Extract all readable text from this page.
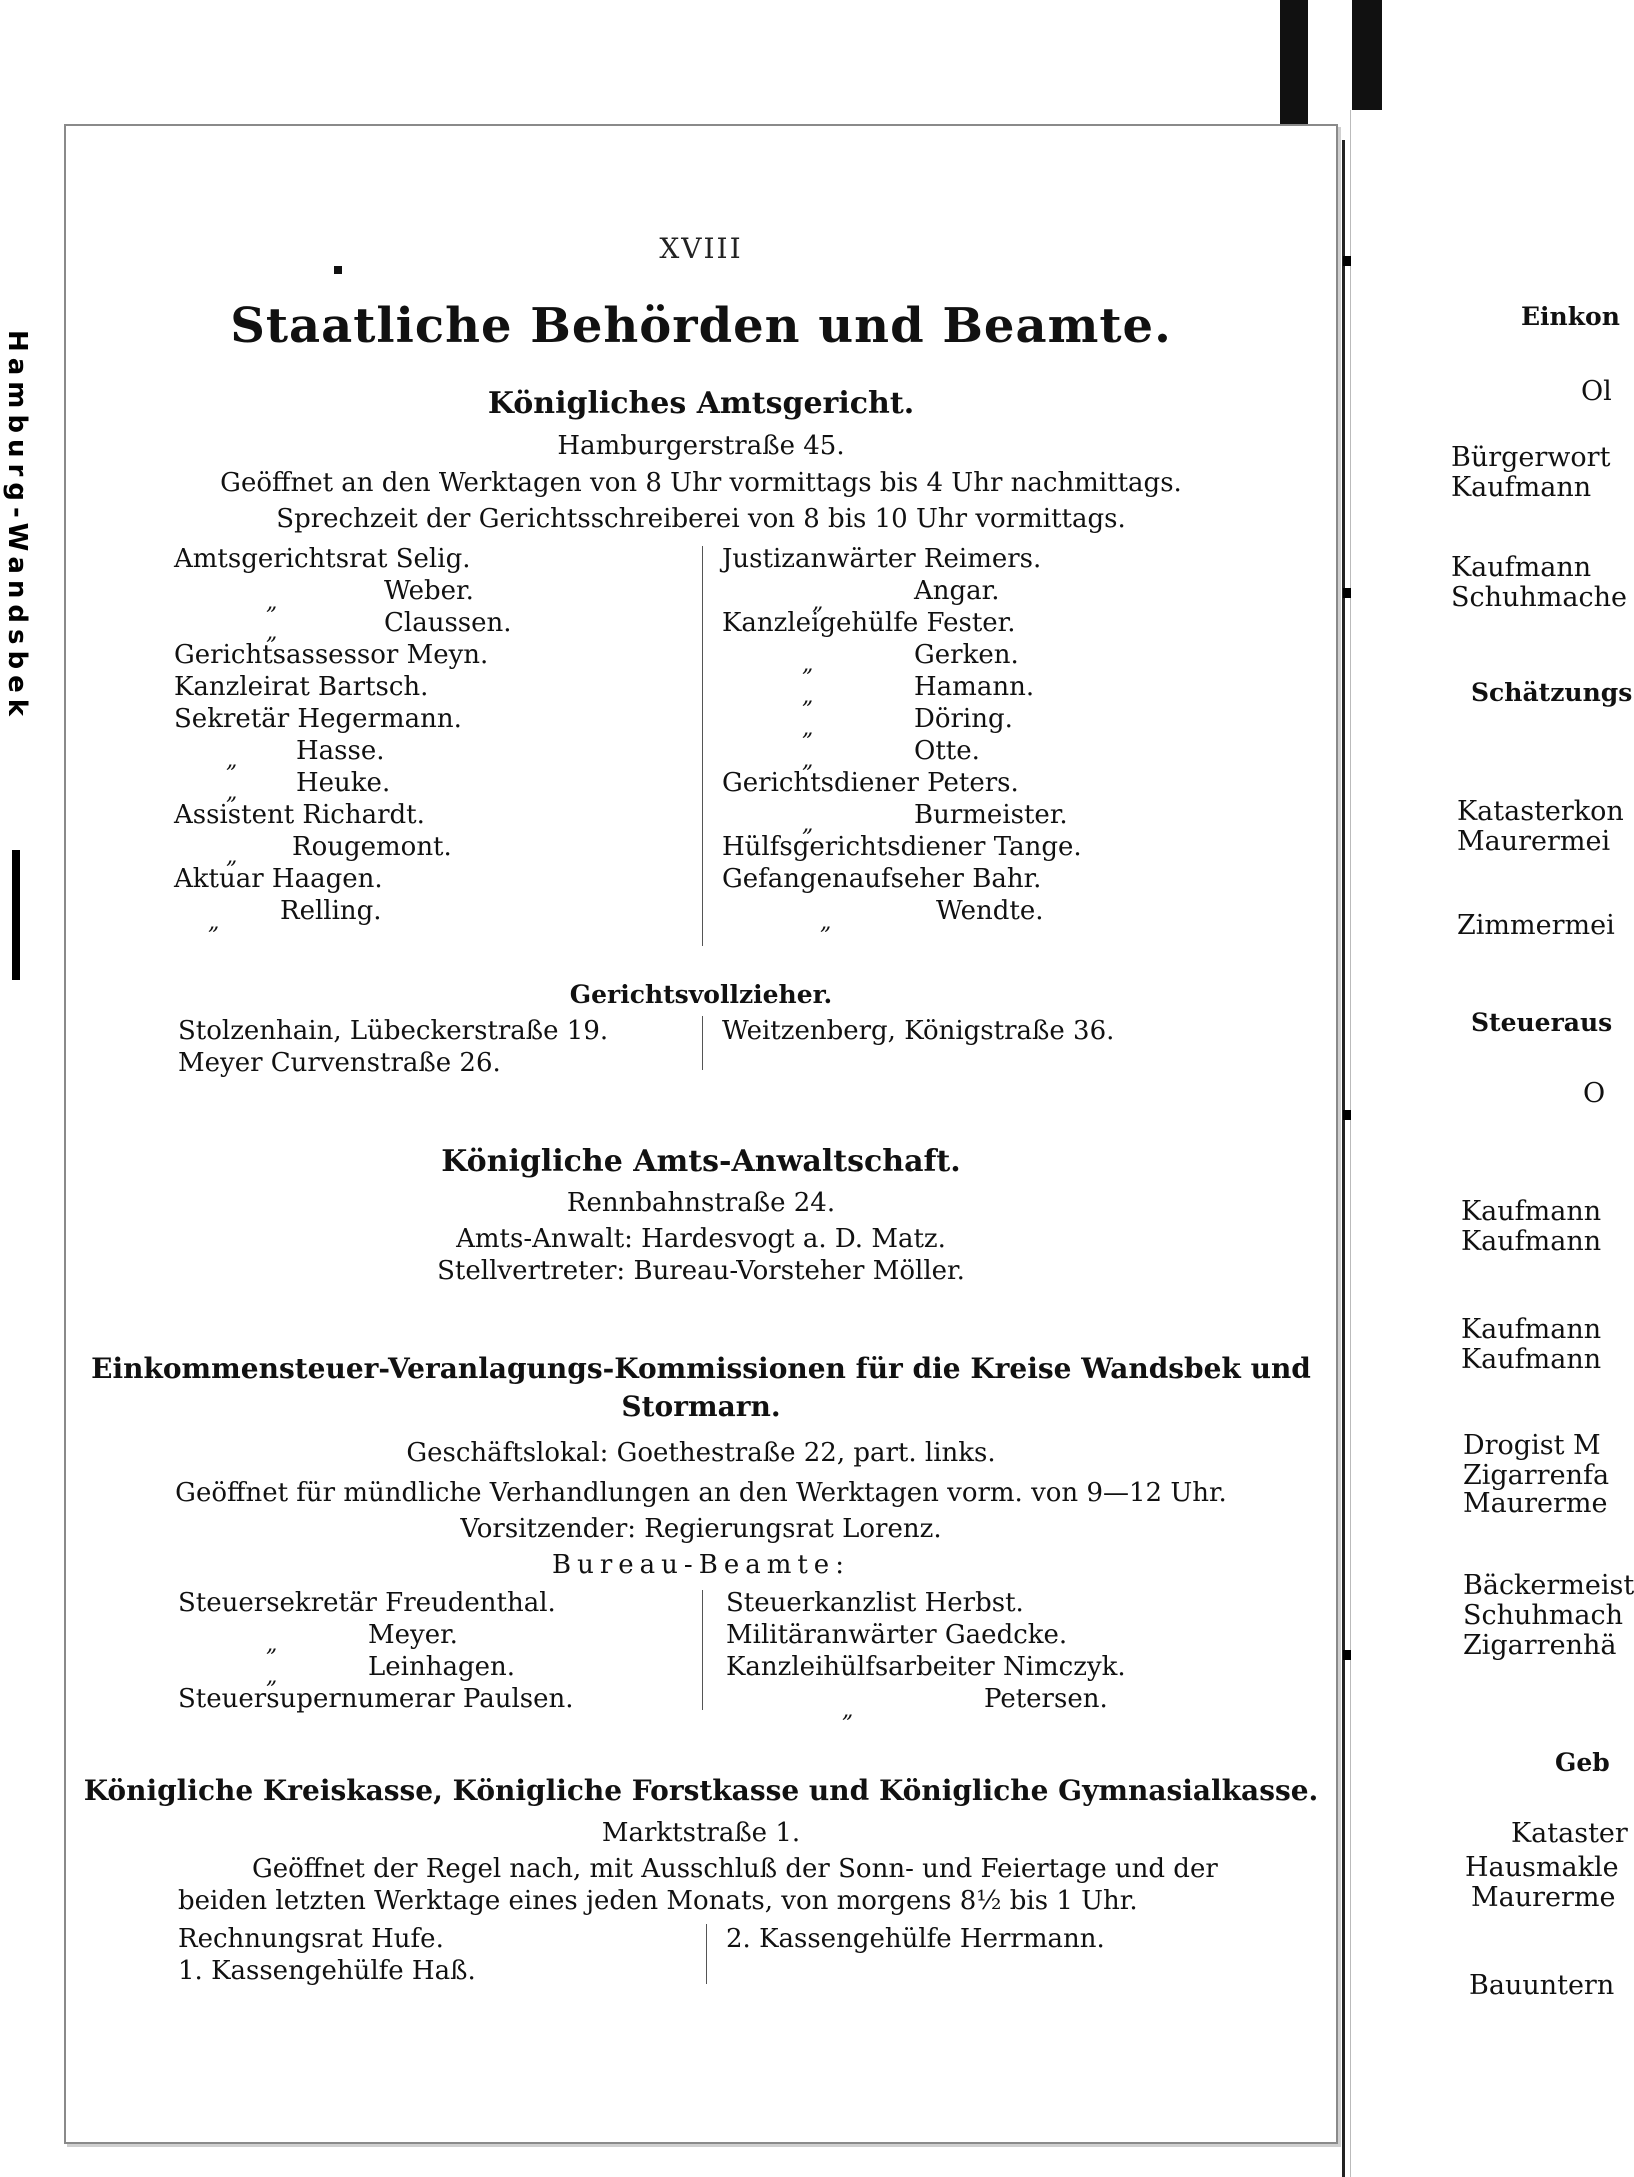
Hamburg-Wandsbek
Einkon
Ol
Bürgerwort
Kaufmann
Kaufmann
Schuhmache
Schätzungs
Katasterkon
Maurermei
Zimmermei
Steueraus
O
Kaufmann
Kaufmann
Kaufmann
Kaufmann
Drogist M
Zigarrenfa
Maurerme
Bäckermeist
Schuhmach
Zigarrenhä
Geb
Kataster
Hausmakle
Maurerme
Bauuntern
XVIII
Staatliche Behörden und Beamte.
Königliches Amtsgericht.
Hamburgerstraße 45.
Geöffnet an den Werktagen von 8 Uhr vormittags bis 4 Uhr nachmittags.
Sprechzeit der Gerichtsschreiberei von 8 bis 10 Uhr vormittags.
Amtsgerichtsrat Selig.
Weber.
„
Claussen.
„
Gerichtsassessor Meyn.
Kanzleirat Bartsch.
Sekretär Hegermann.
Hasse.
„
Heuke.
„
Assistent Richardt.
Rougemont.
„
Aktuar Haagen.
Relling.
„
Justizanwärter Reimers.
Angar.
„
Kanzleigehülfe Fester.
Gerken.
„
Hamann.
„
Döring.
„
Otte.
„
Gerichtsdiener Peters.
Burmeister.
„
Hülfsgerichtsdiener Tange.
Gefangenaufseher Bahr.
Wendte.
„
Gerichtsvollzieher.
Stolzenhain, Lübeckerstraße 19.
Meyer Curvenstraße 26.
Weitzenberg, Königstraße 36.
Königliche Amts-Anwaltschaft.
Rennbahnstraße 24.
Amts-Anwalt: Hardesvogt a. D. Matz.
Stellvertreter: Bureau-Vorsteher Möller.
Einkommensteuer-Veranlagungs-Kommissionen für die Kreise Wandsbek und
Stormarn.
Geschäftslokal: Goethestraße 22, part. links.
Geöffnet für mündliche Verhandlungen an den Werktagen vorm. von 9—12 Uhr.
Vorsitzender: Regierungsrat Lorenz.
Bureau-Beamte:
Steuersekretär Freudenthal.
Meyer.
„
Leinhagen.
„
Steuersupernumerar Paulsen.
Steuerkanzlist Herbst.
Militäranwärter Gaedcke.
Kanzleihülfsarbeiter Nimczyk.
Petersen.
„
Königliche Kreiskasse, Königliche Forstkasse und Königliche Gymnasialkasse.
Marktstraße 1.
Geöffnet der Regel nach, mit Ausschluß der Sonn- und Feiertage und der
beiden letzten Werktage eines jeden Monats, von morgens 8½ bis 1 Uhr.
Rechnungsrat Hufe.
1. Kassengehülfe Haß.
2. Kassengehülfe Herrmann.
